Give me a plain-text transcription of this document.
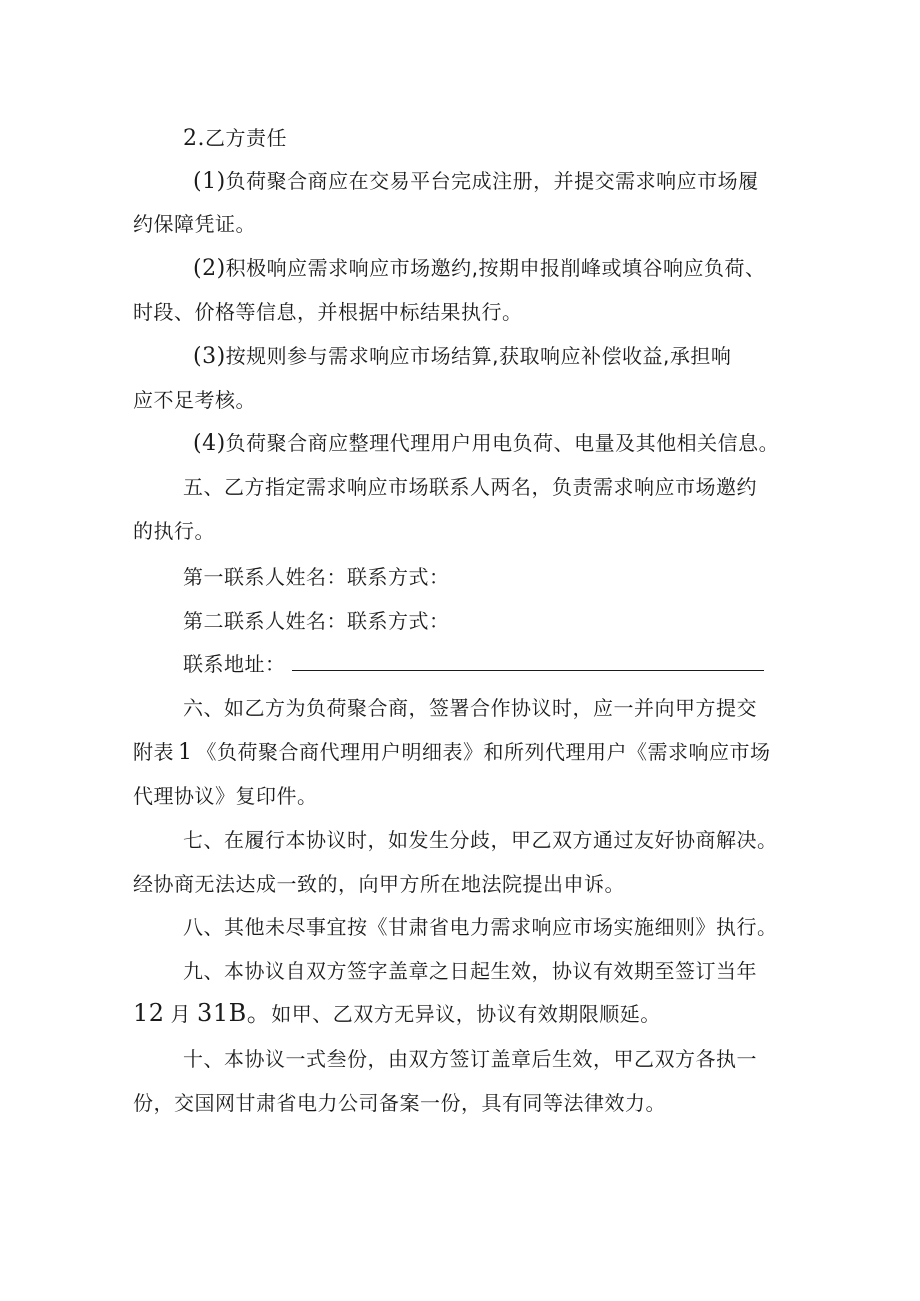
2.乙方责任
(1)负荷聚合商应在交易平台完成注册，并提交需求响应市场履
约保障凭证。
(2)积极响应需求响应市场邀约,按期申报削峰或填谷响应负荷、
时段、价格等信息，并根据中标结果执行。
(3)按规则参与需求响应市场结算,获取响应补偿收益,承担响
应不足考核。
(4)负荷聚合商应整理代理用户用电负荷、电量及其他相关信息。
五、乙方指定需求响应市场联系人两名，负责需求响应市场邀约
的执行。
第一联系人姓名：联系方式：
第二联系人姓名：联系方式：
联系地址：
六、如乙方为负荷聚合商，签署合作协议时，应一并向甲方提交
附表 1 《负荷聚合商代理用户明细表》和所列代理用户《需求响应市场
代理协议》复印件。
七、在履行本协议时，如发生分歧，甲乙双方通过友好协商解决。
经协商无法达成一致的，向甲方所在地法院提出申诉。
八、其他未尽事宜按《甘肃省电力需求响应市场实施细则》执行。
九、本协议自双方签字盖章之日起生效，协议有效期至签订当年
12 月 31B。如甲、乙双方无异议，协议有效期限顺延。
十、本协议一式叁份，由双方签订盖章后生效，甲乙双方各执一
份，交国网甘肃省电力公司备案一份，具有同等法律效力。
